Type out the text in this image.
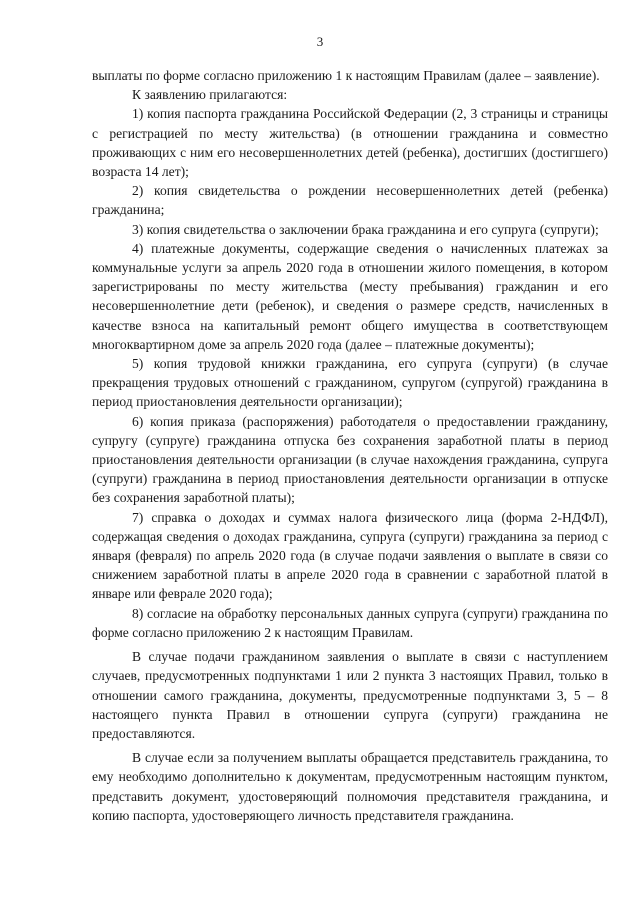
3

выплаты по форме согласно приложению 1 к настоящим Правилам (далее – заявление).

К заявлению прилагаются:

1) копия паспорта гражданина Российской Федерации (2, 3 страницы и страницы с регистрацией по месту жительства) (в отношении гражданина и совместно проживающих с ним его несовершеннолетних детей (ребенка), достигших (достигшего) возраста 14 лет);

2) копия свидетельства о рождении несовершеннолетних детей (ребенка) гражданина;

3) копия свидетельства о заключении брака гражданина и его супруга (супруги);

4) платежные документы, содержащие сведения о начисленных платежах за коммунальные услуги за апрель 2020 года в отношении жилого помещения, в котором зарегистрированы по месту жительства (месту пребывания) гражданин и его несовершеннолетние дети (ребенок), и сведения о размере средств, начисленных в качестве взноса на капитальный ремонт общего имущества в соответствующем многоквартирном доме за апрель 2020 года (далее – платежные документы);

5) копия трудовой книжки гражданина, его супруга (супруги) (в случае прекращения трудовых отношений с гражданином, супругом (супругой) гражданина в период приостановления деятельности организации);

6) копия приказа (распоряжения) работодателя о предоставлении гражданину, супругу (супруге) гражданина отпуска без сохранения заработной платы в период приостановления деятельности организации (в случае нахождения гражданина, супруга (супруги) гражданина в период приостановления деятельности организации в отпуске без сохранения заработной платы);

7) справка о доходах и суммах налога физического лица (форма 2-НДФЛ), содержащая сведения о доходах гражданина, супруга (супруги) гражданина за период с января (февраля) по апрель 2020 года (в случае подачи заявления о выплате в связи со снижением заработной платы в апреле 2020 года в сравнении с заработной платой в январе или феврале 2020 года);

8) согласие на обработку персональных данных супруга (супруги) гражданина по форме согласно приложению 2 к настоящим Правилам.

В случае подачи гражданином заявления о выплате в связи с наступлением случаев, предусмотренных подпунктами 1 или 2 пункта 3 настоящих Правил, только в отношении самого гражданина, документы, предусмотренные подпунктами 3, 5 – 8 настоящего пункта Правил в отношении супруга (супруги) гражданина не предоставляются.

В случае если за получением выплаты обращается представитель гражданина, то ему необходимо дополнительно к документам, предусмотренным настоящим пунктом, представить документ, удостоверяющий полномочия представителя гражданина, и копию паспорта, удостоверяющего личность представителя гражданина.
